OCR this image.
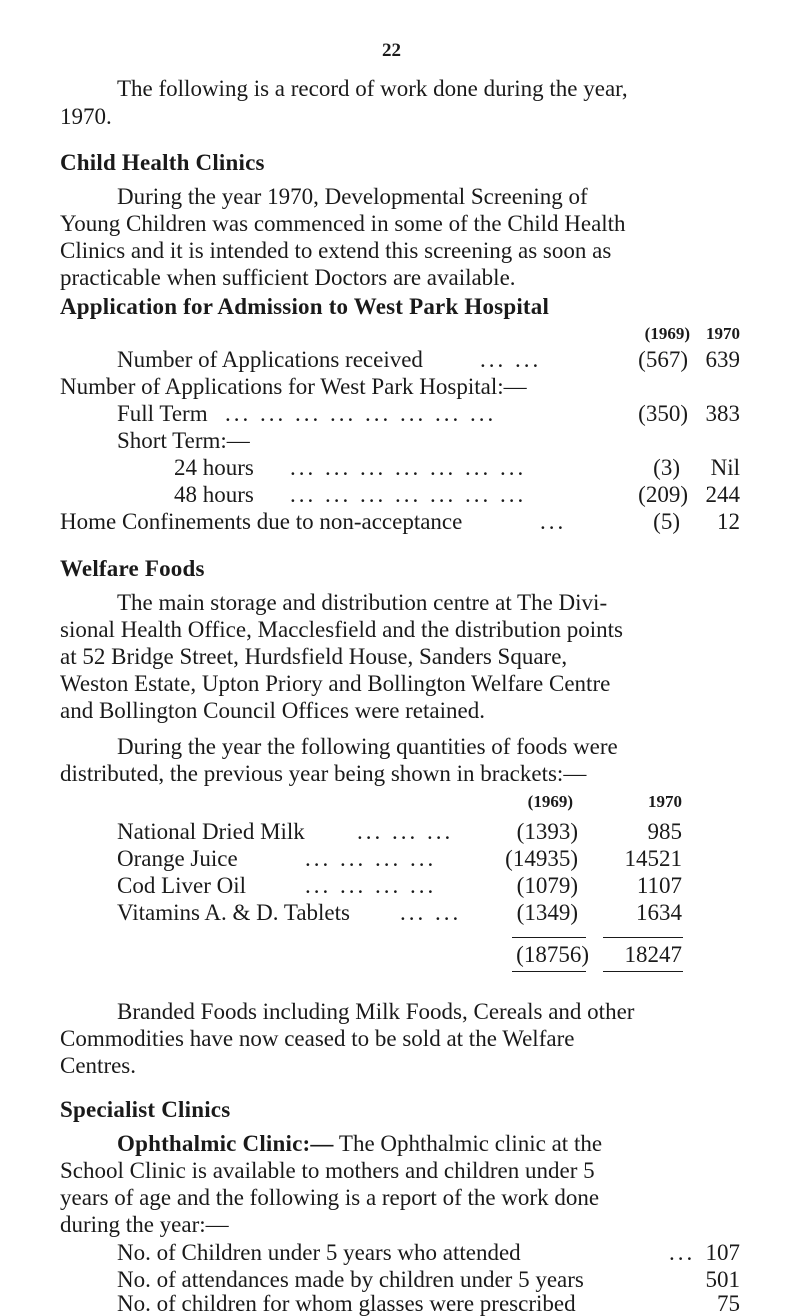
22
The following is a record of work done during the year,
1970.
Child Health Clinics
During the year 1970, Developmental Screening of
Young Children was commenced in some of the Child Health
Clinics and it is intended to extend this screening as soon as
practicable when sufficient Doctors are available.
Application for Admission to West Park Hospital
(1969) 1970
Number of Applications received ... ...	(567) 639
Number of Applications for West Park Hospital:—
Full Term ... ... ... ... ... ... ... ...	(350) 383
Short Term:—
24 hours ... ... ... ... ... ... ...	(3)	Nil
48 hours ... ... ... ... ... ... ...	(209) 244
Home Confinements due to non-acceptance	...	(5)	12
Welfare Foods
The main storage and distribution centre at The Divi-
sional Health Office, Macclesfield and the distribution points
at 52 Bridge Street, Hurdsfield House, Sanders Square,
Weston Estate, Upton Priory and Bollington Welfare Centre
and Bollington Council Offices were retained.
During the year the following quantities of foods were
distributed, the previous year being shown in brackets:—
(1969)	1970
National Dried Milk ... ... ...	(1393)	985
Orange Juice	... ... ... ...	(14935)	14521
Cod Liver Oil	... ... ... ...	(1079)	1107
Vitamins A. & D. Tablets ... ...	(1349)	1634
(18756)	18247
Branded Foods including Milk Foods, Cereals and other
Commodities have now ceased to be sold at the Welfare
Centres.
Specialist Clinics
Ophthalmic Clinic:— The Ophthalmic clinic at the
School Clinic is available to mothers and children under 5
years of age and the following is a report of the work done
during the year:—
No. of Children under 5 years who attended	... 107
No. of attendances made by children under 5 years	501
No. of children for whom glasses were prescribed	75
